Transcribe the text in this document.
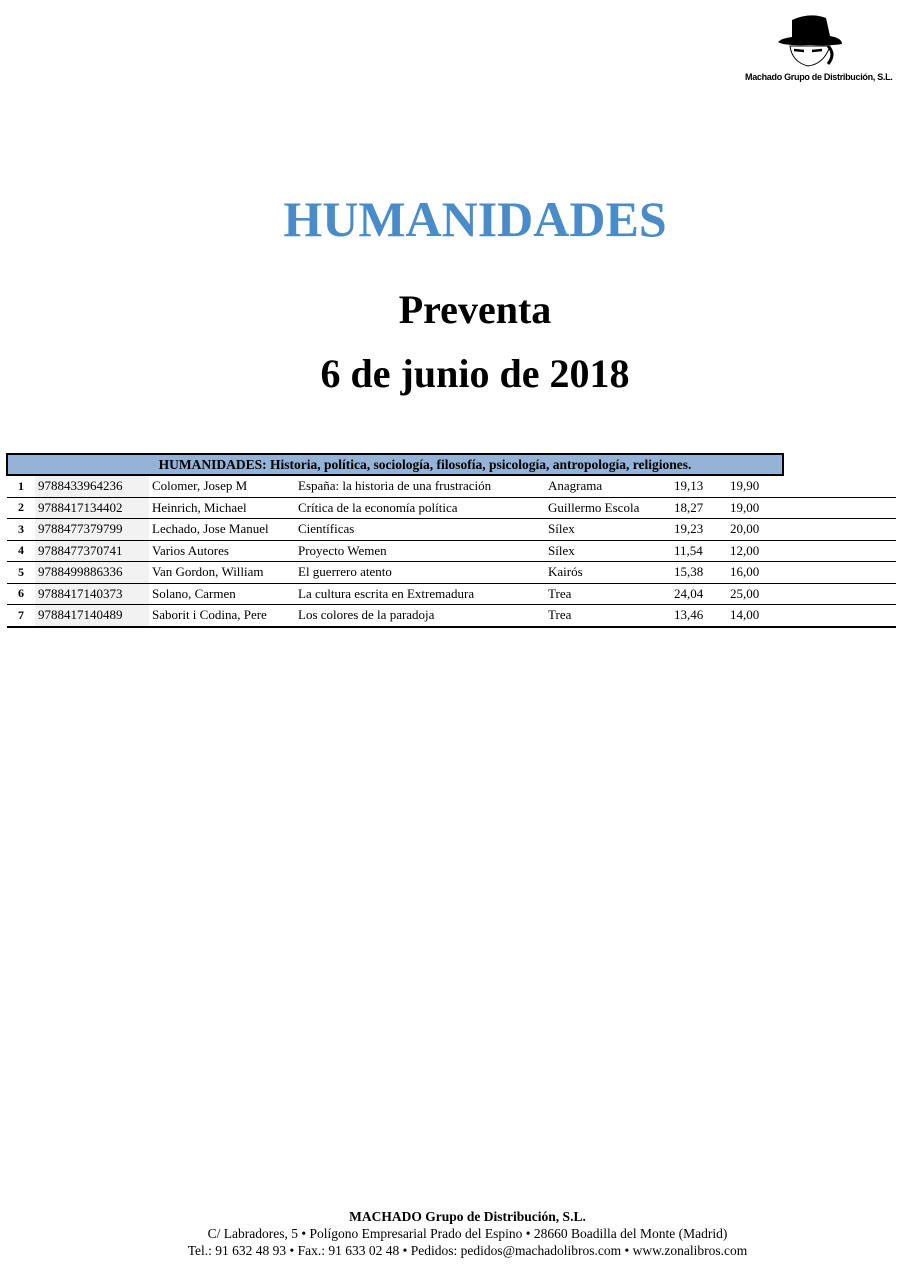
Machado Grupo de Distribución, S.L.
HUMANIDADES
Preventa
6 de junio de 2018
HUMANIDADES: Historia, política, sociología, filosofía, psicología, antropología, religiones.							
1	9788433964236	Colomer, Josep M	España: la historia de una frustración	Anagrama	19,13	19,90	
2	9788417134402	Heinrich, Michael	Crítica de la economía política	Guillermo Escola	18,27	19,00	
3	9788477379799	Lechado, Jose Manuel	Científicas	Sílex	19,23	20,00	
4	9788477370741	Varios Autores	Proyecto Wemen	Sílex	11,54	12,00	
5	9788499886336	Van Gordon, William	El guerrero atento	Kairós	15,38	16,00	
6	9788417140373	Solano, Carmen	La cultura escrita en Extremadura	Trea	24,04	25,00	
7	9788417140489	Saborit i Codina, Pere	Los colores de la paradoja	Trea	13,46	14,00	
MACHADO Grupo de Distribución, S.L.
C/ Labradores, 5 • Polígono Empresarial Prado del Espino • 28660 Boadilla del Monte (Madrid)
Tel.: 91 632 48 93 • Fax.: 91 633 02 48 • Pedidos: pedidos@machadolibros.com • www.zonalibros.com
